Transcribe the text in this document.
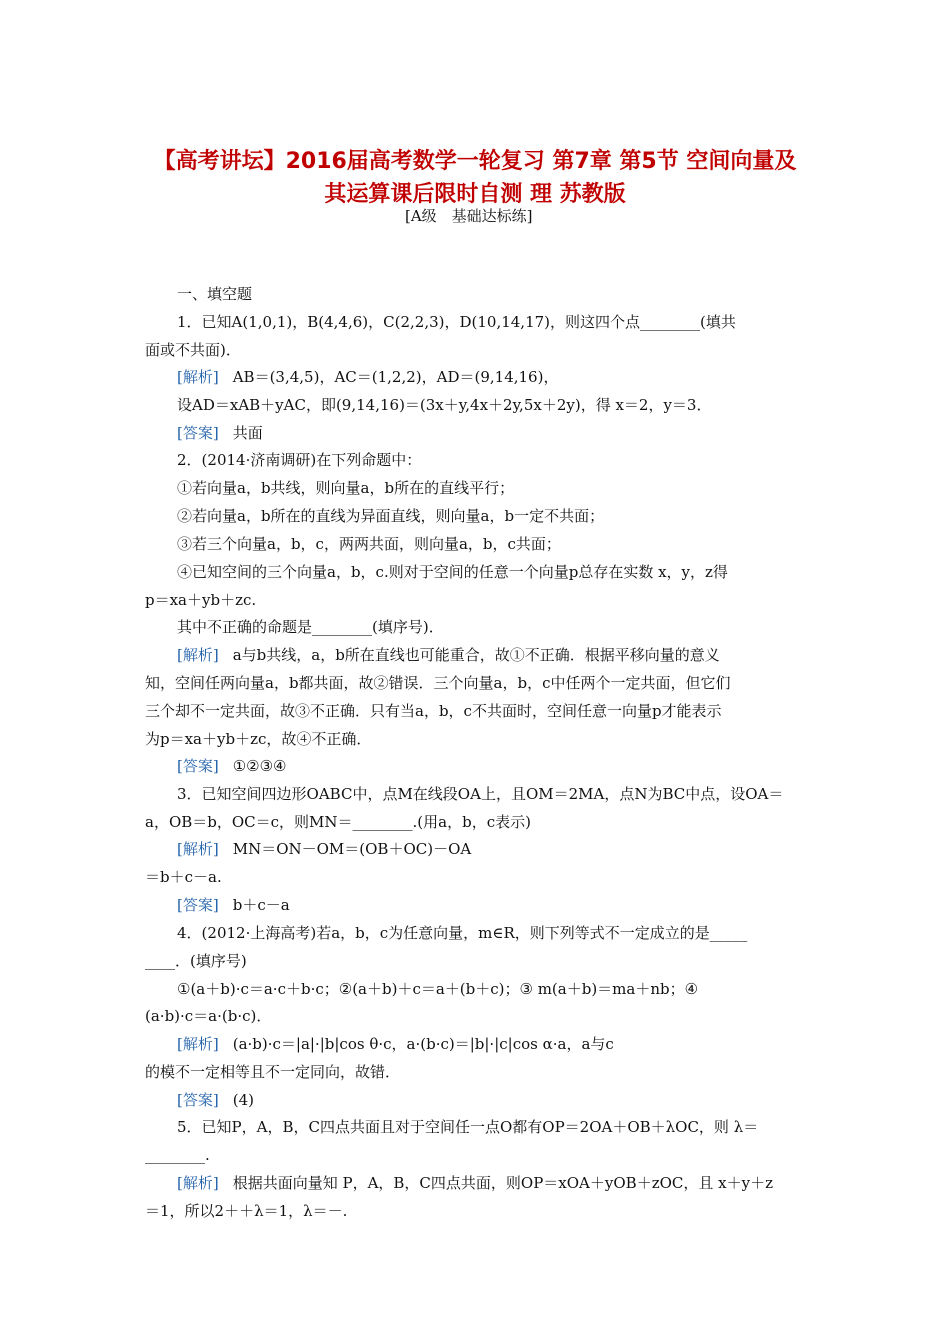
【高考讲坛】2016届高考数学一轮复习 第7章 第5节 空间向量及
其运算课后限时自测 理 苏教版
[A级　基础达标练]
一、填空题
1．已知A(1,0,1)，B(4,4,6)，C(2,2,3)，D(10,14,17)，则这四个点________(填共
面或不共面)．
[解析] AB＝(3,4,5)，AC＝(1,2,2)，AD＝(9,14,16)，
设AD＝xAB＋yAC，即(9,14,16)＝(3x＋y,4x＋2y,5x＋2y)，得 x＝2，y＝3．
[答案] 共面
2．(2014·济南调研)在下列命题中：
①若向量a，b共线，则向量a，b所在的直线平行；
②若向量a，b所在的直线为异面直线，则向量a，b一定不共面；
③若三个向量a，b，c，两两共面，则向量a，b，c共面；
④已知空间的三个向量a，b，c.则对于空间的任意一个向量p总存在实数 x，y，z得
p＝xa＋yb＋zc.
其中不正确的命题是________(填序号)．
[解析] a与b共线，a，b所在直线也可能重合，故①不正确．根据平移向量的意义
知，空间任两向量a，b都共面，故②错误．三个向量a，b，c中任两个一定共面，但它们
三个却不一定共面，故③不正确．只有当a，b，c不共面时，空间任意一向量p才能表示
为p＝xa＋yb＋zc，故④不正确．
[答案] ①②③④
3．已知空间四边形OABC中，点M在线段OA上，且OM＝2MA，点N为BC中点，设OA＝
a，OB＝b，OC＝c，则MN＝________.(用a，b，c表示)
[解析] MN＝ON－OM＝(OB＋OC)－OA
＝b＋c－a.
[答案] b＋c－a
4．(2012·上海高考)若a，b，c为任意向量，m∈R，则下列等式不一定成立的是_____
____．(填序号)
①(a＋b)·c＝a·c＋b·c；②(a＋b)＋c＝a＋(b＋c)；③ m(a＋b)＝ma＋nb；④
(a·b)·c＝a·(b·c)．
[解析] (a·b)·c＝|a|·|b|cos θ·c，a·(b·c)＝|b|·|c|cos α·a，a与c
的模不一定相等且不一定同向，故错．
[答案] (4)
5．已知P，A，B，C四点共面且对于空间任一点O都有OP＝2OA＋OB＋λOC，则 λ＝
________.
[解析] 根据共面向量知 P，A，B，C四点共面，则OP＝xOA＋yOB＋zOC，且 x＋y＋z
＝1，所以2＋＋λ＝1，λ＝－.
